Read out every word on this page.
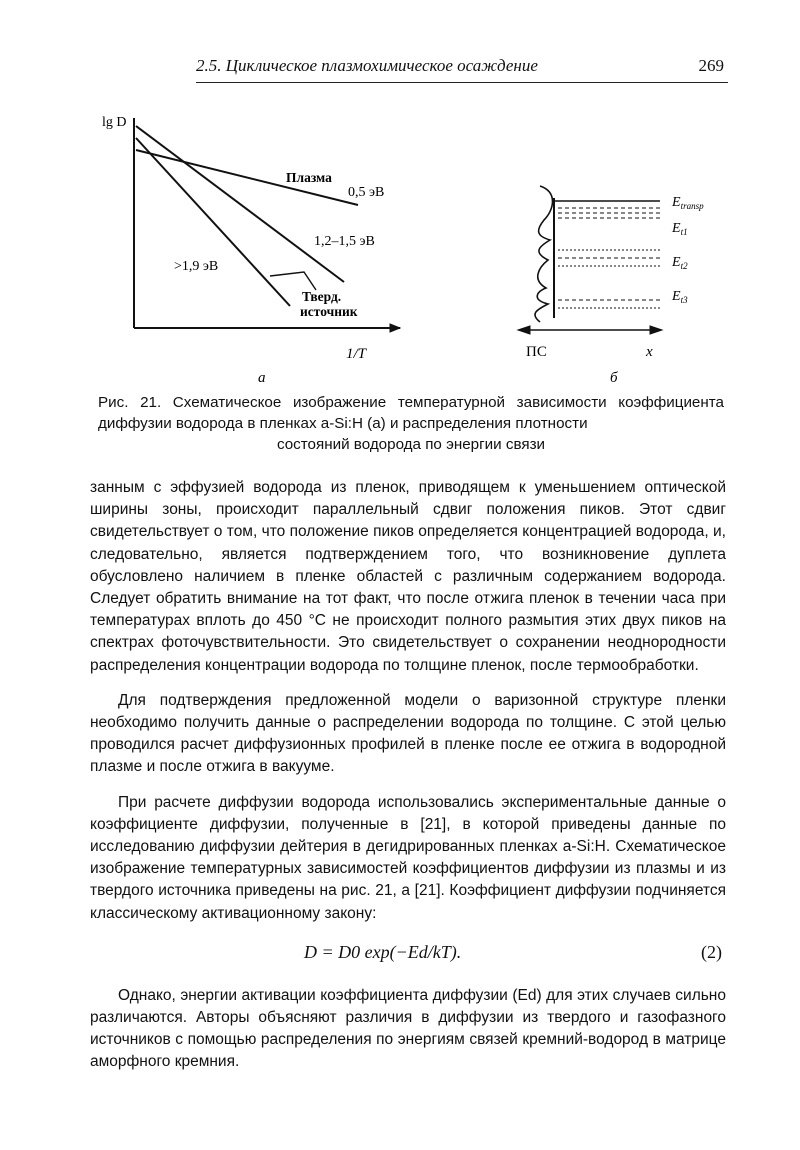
2.5. Циклическое плазмохимическое осаждение	269
lg D
Плазма
0,5 эВ
1,2–1,5 эВ
>1,9 эВ
Тверд.
источник
1/T
а
$E_{transp}$
$E_{t1}$
$E_{t2}$
$E_{t3}$
ПС	x
б
Рис. 21. Схематическое изображение температурной зависимости коэффициента диффузии водорода в пленках a-Si:H (а) и распределения плотности
состояний водорода по энергии связи

занным с эффузией водорода из пленок, приводящем к уменьшением оптической ширины зоны, происходит параллельный сдвиг положения пиков. Этот сдвиг свидетельствует о том, что положение пиков определяется концентрацией водорода, и, следовательно, является подтверждением того, что возникновение дуплета обусловлено наличием в пленке областей с различным содержанием водорода. Следует обратить внимание на тот факт, что после отжига пленок в течении часа при температурах вплоть до 450 °C не происходит полного размытия этих двух пиков на спектрах фоточувствительности. Это свидетельствует о сохранении неоднородности распределения концентрации водорода по толщине пленок, после термообработки.

Для подтверждения предложенной модели о варизонной структуре пленки необходимо получить данные о распределении водорода по толщине. С этой целью проводился расчет диффузионных профилей в пленке после ее отжига в водородной плазме и после отжига в вакууме.

При расчете диффузии водорода использовались экспериментальные данные о коэффициенте диффузии, полученные в [21], в которой приведены данные по исследованию диффузии дейтерия в дегидрированных пленках a-Si:H. Схематическое изображение температурных зависимостей коэффициентов диффузии из плазмы и из твердого источника приведены на рис. 21, а [21]. Коэффициент диффузии подчиняется классическому активационному закону:

D = D0 exp(−Ed/kT).	(2)

Однако, энергии активации коэффициента диффузии (Ed) для этих случаев сильно различаются. Авторы объясняют различия в диффузии из твердого и газофазного источников с помощью распределения по энергиям связей кремний-водород в матрице аморфного кремния.
